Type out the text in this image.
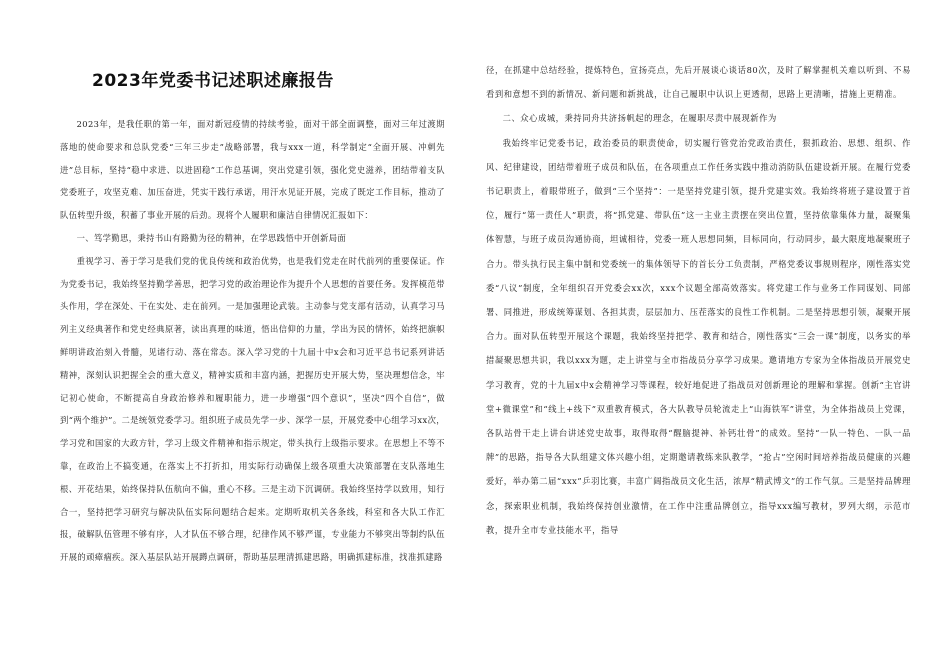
2023年党委书记述职述廉报告

2023年，是我任职的第一年，面对新冠疫情的持续考验，面对干部全面调整，面对三年过渡期落地的使命要求和总队党委“三年三步走”战略部署，我与xxx一道，科学制定“全面开展、冲刺先进”总目标，坚持“稳中求进、以进固稳”工作总基调，突出党建引领，强化党史滋养，团结带着支队党委班子，攻坚克难、加压奋进，凭实干践行承诺，用汗水见证开展，完成了既定工作目标，推动了队伍转型升级，积蓄了事业开展的后劲。现将个人履职和廉洁自律情况汇报如下：

一、笃学勤思，秉持书山有路勤为径的精神，在学思践悟中开创新局面

重视学习、善于学习是我们党的优良传统和政治优势，也是我们党走在时代前列的重要保证。作为党委书记，我始终坚持勤学善思，把学习党的政治理论作为提升个人思想的首要任务。发挥模范带头作用，学在深处、干在实处、走在前列。一是加强理论武装。主动参与党支部有活动，认真学习马列主义经典著作和党史经典原著，读出真理的味道，悟出信仰的力量，学出为民的情怀，始终把旗帜鲜明讲政治刻入骨髓，见诸行动、落在常态。深入学习党的十九届十中x会和习近平总书记系列讲话精神，深刻认识把握全会的重大意义，精神实质和丰富内涵，把握历史开展大势，坚决理想信念，牢记初心使命，不断提高自身政治修养和履职能力，进一步增强“四个意识”，坚决“四个自信”，做到“两个维护”。二是统领党委学习。组织班子成员先学一步、深学一层，开展党委中心组学习xx次，学习党和国家的大政方针，学习上级文件精神和指示规定，带头执行上级指示要求。在思想上不等不靠，在政治上不搞变通，在落实上不打折扣，用实际行动确保上级各项重大决策部署在支队落地生根、开花结果，始终保持队伍航向不偏，重心不移。三是主动下沉调研。我始终坚持学以致用，知行合一，坚持把学习研究与解决队伍实际问题结合起来。定期听取机关各条线，科室和各大队工作汇报，破解队伍管理不够有序，人才队伍不够合理，纪律作风不够严谨，专业能力不够突出等制约队伍开展的顽瘴痼疾。深入基层队站开展蹲点调研，帮助基层理清抓建思路，明确抓建标准，找准抓建路

径，在抓建中总结经验，提炼特色，宣扬亮点，先后开展谈心谈话80次，及时了解掌握机关难以听到、不易看到和意想不到的新情况、新问题和新挑战，让自己履职中认识上更透彻，思路上更清晰，措施上更精准。

二、众心成城，秉持同舟共济扬帆起的理念，在履职尽责中展现新作为

我始终牢记党委书记，政治委员的职责使命，切实履行管党治党政治责任，狠抓政治、思想、组织、作风、纪律建设，团结带着班子成员和队伍，在各项重点工作任务实践中推动消防队伍建设新开展。在履行党委书记职责上，着眼带班子，做到“三个坚持”：一是坚持党建引领，提升党建实效。我始终将班子建设置于首位，履行“第一责任人”职责，将“抓党建、带队伍”这一主业主责摆在突出位置，坚持依靠集体力量，凝聚集体智慧，与班子成员沟通协商，坦诚相待，党委一班人思想同频，目标同向，行动同步，最大限度地凝聚班子合力。带头执行民主集中制和党委统一的集体领导下的首长分工负责制，严格党委议事规则程序，刚性落实党委“八议”制度，全年组织召开党委会xx次，xxx个议题全部高效落实。将党建工作与业务工作同谋划、同部署、同推进，形成统筹谋划、各担其责，层层加力、压茬落实的良性工作机制。二是坚持思想引领，凝聚开展合力。面对队伍转型开展这个课题，我始终坚持把学、教育和结合，刚性落实“三会一课”制度，以务实的举措凝聚思想共识，我以xxx为题，走上讲堂与全市指战员分享学习成果。邀请地方专家为全体指战员开展党史学习教育，党的十九届x中x会精神学习等课程，较好地促进了指战员对创新理论的理解和掌握。创新“主官讲堂+微课堂”和“线上+线下”双重教育模式，各大队教导员轮流走上“山海铁军”讲堂，为全体指战员上党课，各队站骨干走上讲台讲述党史故事，取得取得“醒脑提神、补钙壮骨”的成效。坚持“一队一特色、一队一品牌”的思路，指导各大队组建文体兴趣小组，定期邀请教练来队教学，“抢占”空闲时间培养指战员健康的兴趣爱好，举办第二届“xxx”乒羽比赛，丰富广阔指战员文化生活，浓厚“精武博文”的工作气氛。三是坚持品牌理念，探索职业机制，我始终保持创业激情，在工作中注重品牌创立，指导xxx编写教材，罗列大纲，示范市教，提升全市专业技能水平，指导
